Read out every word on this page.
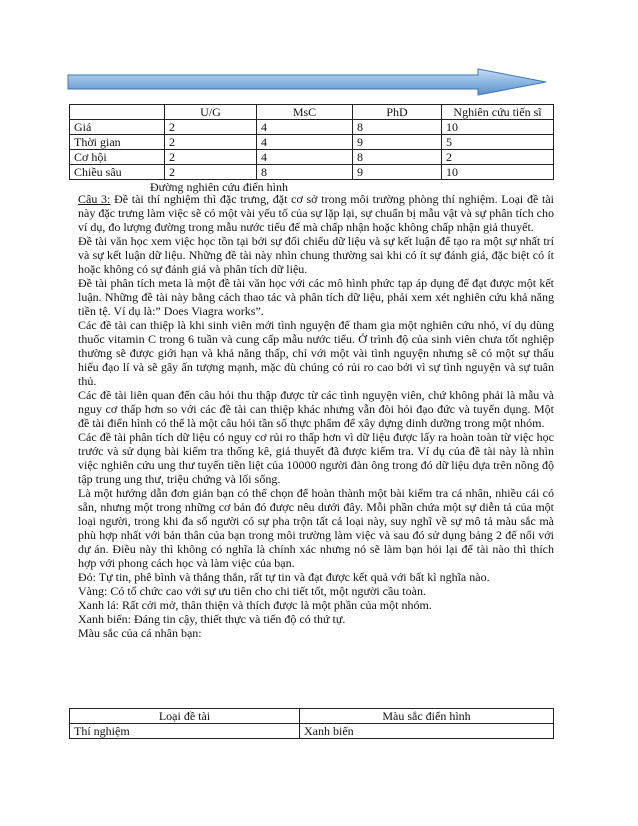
	U/G	MsC	PhD	Nghiên cứu tiến sĩ
Giá	2	4	8	10
Thời gian	2	4	9	5
Cơ hội	2	4	8	2
Chiều sâu	2	8	9	10
Đường nghiên cứu điển hình

Câu 3: Đề tài thí nghiệm thì đặc trưng, đặt cơ sở trong môi trường phòng thí nghiệm. Loại đề tài này đặc trưng làm việc sẽ có một vài yếu tố của sự lặp lại, sự chuẩn bị mẫu vật và sự phân tích cho ví dụ, đo lượng đường trong mẫu nước tiểu để mà chấp nhận hoặc không chấp nhận giả thuyết.

Đề tài văn học xem việc học tồn tại bởi sự đối chiếu dữ liệu và sự kết luận để tạo ra một sự nhất trí và sự kết luận dữ liệu. Những đề tài này nhìn chung thường sai khi có ít sự đánh giá, đặc biệt có ít hoặc không có sự đánh giá và phân tích dữ liệu.

Đề tài phân tích meta là một đề tài văn học với các mô hình phức tạp áp dụng để đạt được một kết luận. Những đề tài này bằng cách thao tác và phân tích dữ liệu, phải xem xét nghiên cứu khả năng tiền tệ. Ví dụ là:” Does Viagra works”.

Các đề tài can thiệp là khi sinh viên mới tình nguyện để tham gia một nghiên cứu nhỏ, ví dụ dùng thuốc vitamin C trong 6 tuần và cung cấp mẫu nước tiểu. Ở trình độ của sinh viên chưa tốt nghiệp thường sẽ được giới hạn và khả năng thấp, chỉ với một vài tình nguyện nhưng sẽ có một sự thấu hiểu đạo lí và sẽ gây ấn tượng mạnh, mặc dù chúng có rủi ro cao bởi vì sự tình nguyện và sự tuân thủ.

Các đề tài liên quan đến câu hỏi thu thập được từ các tình nguyện viên, chứ không phải là mẫu và nguy cơ thấp hơn so với các đề tài can thiệp khác nhưng vẫn đòi hỏi đạo đức và tuyển dụng. Một đề tài điển hình có thể là một câu hỏi tần số thực phẩm để xây dựng dinh dưỡng trong một nhóm.

Các đề tài phân tích dữ liệu có nguy cơ rủi ro thấp hơn vì dữ liệu được lấy ra hoàn toàn từ việc học trước và sử dụng bài kiểm tra thống kê, giả thuyết đã được kiểm tra. Ví dụ của đề tài này là nhìn việc nghiên cứu ung thư tuyến tiền liệt của 10000 người đàn ông trong đó dữ liệu dựa trên nồng độ tập trung ung thư, triệu chứng và lối sống.

Là một hướng dẫn đơn giản bạn có thể chọn để hoàn thành một bài kiểm tra cá nhân, nhiều cái có sẵn, nhưng một trong những cơ bản đó được nêu dưới đây. Mỗi phần chứa một sự diễn tả của một loại người, trong khi đa số người có sự pha trộn tất cả loại này, suy nghĩ về sự mô tả màu sắc mà phù hợp nhất với bản thân của bạn trong môi trường làm việc và sau đó sử dụng bảng 2 để nối với dự án. Điều này thì không có nghĩa là chính xác nhưng nó sẽ làm bạn hỏi lại để tài nào thì thích hợp với phong cách học và làm việc của bạn.

Đỏ: Tự tin, phê bình và thẳng thắn, rất tự tin và đạt được kết quả với bất kì nghĩa nào.

Vàng: Có tổ chức cao với sự ưu tiên cho chi tiết tốt, một người cầu toàn.

Xanh lá: Rất cởi mở, thân thiện và thích được là một phần của một nhóm.

Xanh biển: Đáng tin cậy, thiết thực và tiến độ có thứ tự.

Màu sắc của cá nhân bạn:

Loại đề tài	Màu sắc điển hình
Thí nghiệm	Xanh biển
